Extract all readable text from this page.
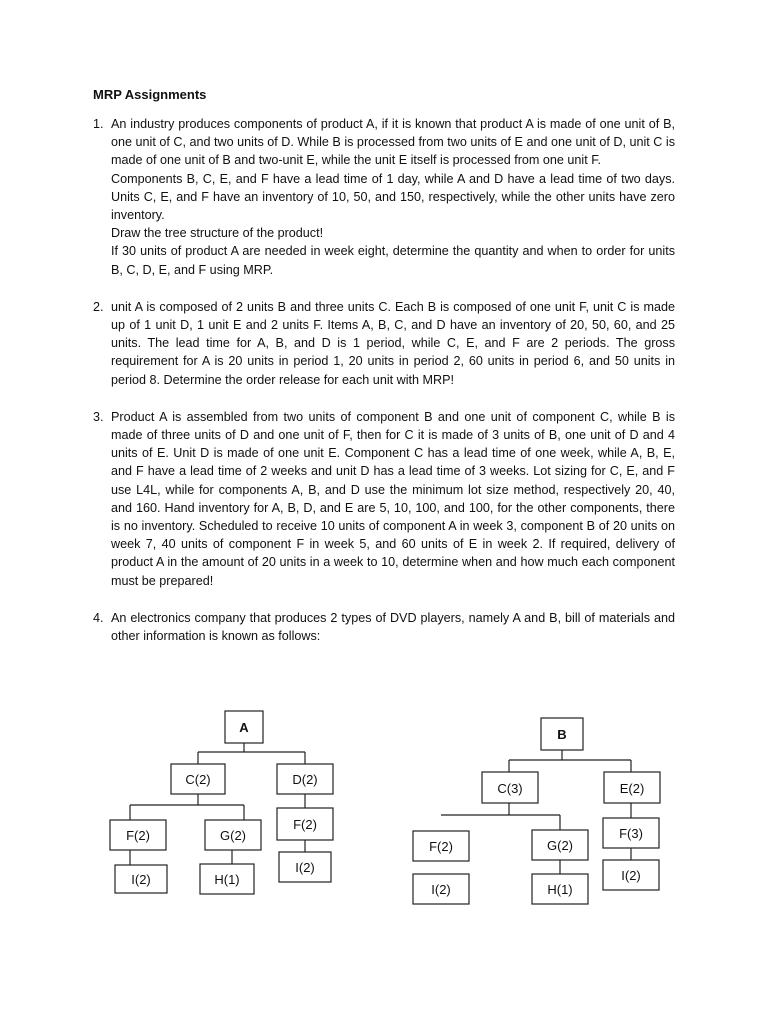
MRP Assignments
1. An industry produces components of product A, if it is known that product A is made of one unit of B, one unit of C, and two units of D. While B is processed from two units of E and one unit of D, unit C is made of one unit of B and two-unit E, while the unit E itself is processed from one unit F.

Components B, C, E, and F have a lead time of 1 day, while A and D have a lead time of two days. Units C, E, and F have an inventory of 10, 50, and 150, respectively, while the other units have zero inventory.

Draw the tree structure of the product!

If 30 units of product A are needed in week eight, determine the quantity and when to order for units B, C, D, E, and F using MRP.

2. unit A is composed of 2 units B and three units C. Each B is composed of one unit F, unit C is made up of 1 unit D, 1 unit E and 2 units F. Items A, B, C, and D have an inventory of 20, 50, 60, and 25 units. The lead time for A, B, and D is 1 period, while C, E, and F are 2 periods. The gross requirement for A is 20 units in period 1, 20 units in period 2, 60 units in period 6, and 50 units in period 8. Determine the order release for each unit with MRP!

3. Product A is assembled from two units of component B and one unit of component C, while B is made of three units of D and one unit of F, then for C it is made of 3 units of B, one unit of D and 4 units of E. Unit D is made of one unit E. Component C has a lead time of one week, while A, B, E, and F have a lead time of 2 weeks and unit D has a lead time of 3 weeks. Lot sizing for C, E, and F use L4L, while for components A, B, and D use the minimum lot size method, respectively 20, 40, and 160. Hand inventory for A, B, D, and E are 5, 10, 100, and 100, for the other components, there is no inventory. Scheduled to receive 10 units of component A in week 3, component B of 20 units on week 7, 40 units of component F in week 5, and 60 units of E in week 2. If required, delivery of product A in the amount of 20 units in a week to 10, determine when and how much each component must be prepared!

4. An electronics company that produces 2 types of DVD players, namely A and B, bill of materials and other information is known as follows:

A
C(2)	D(2)
F(2)	G(2)
F(2)
I(2)	H(1)
I(2)
B
C(3)	E(2)
F(2)	G(2)
F(3)
I(2)	H(1)
I(2)
